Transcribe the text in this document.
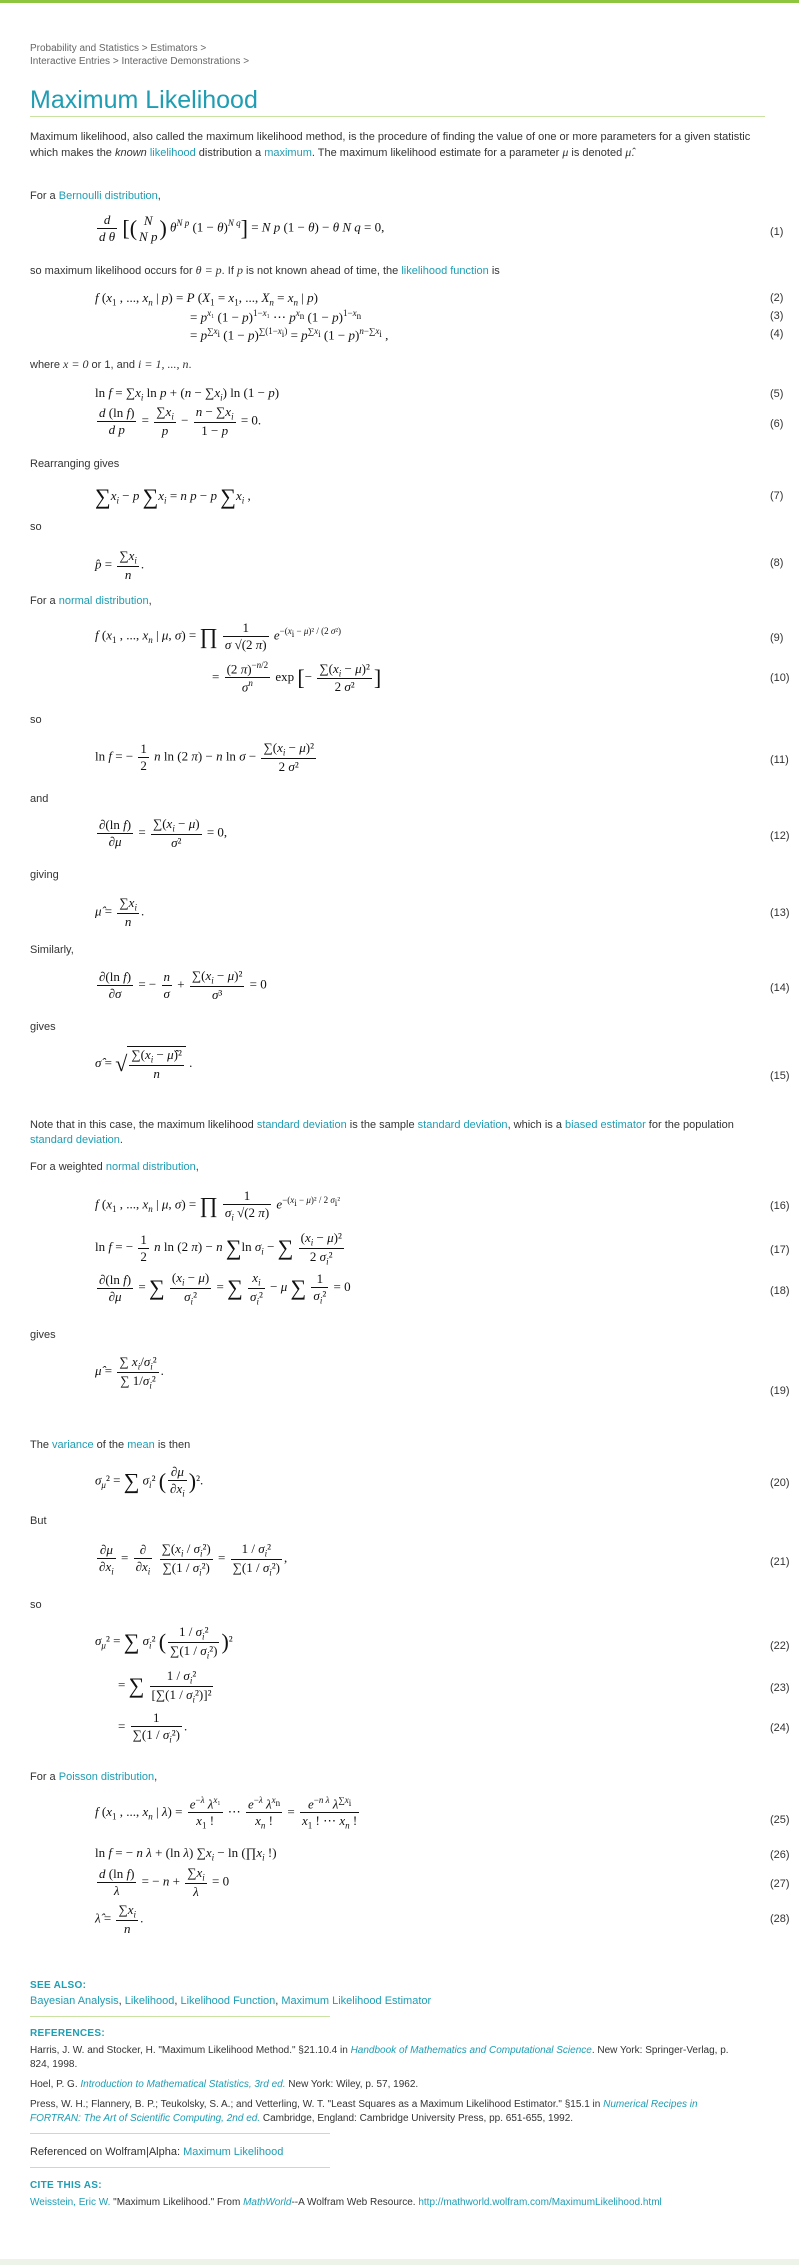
Probability and Statistics > Estimators >
Interactive Entries > Interactive Demonstrations >
Maximum Likelihood
Maximum likelihood, also called the maximum likelihood method, is the procedure of finding the value of one or more parameters for a given statistic which makes the known likelihood distribution a maximum. The maximum likelihood estimate for a parameter μ is denoted μ̂.
For a Bernoulli distribution,
$\frac{d}{\text{d θ}}$ [( N
N p ) $\theta^{N p}$ $(1 - \theta)^{N q}] = N$ p (1 − θ) − θ N q = 0,	(1)
so maximum likelihood occurs for θ = p. If p is not known ahead of time, the likelihood function is
f ($x_1$ , ..., $x_n$ | p) = P ($X_1 = x_1$, ..., $X_n = x_n$ | p)	(2)
= $p^{x_1}$ $(1 - p)^{1-x_1}$ ⋯ $p^{x_n}$ $(1 - p)^{1-x_n}$	(3)
= $p^{\sum x_i}$ $(1 - p)^{\sum(1-x_i)} = p^{\sum x_i}$ $(1 - p)^{n-\sum x_i}$ ,	(4)
where x = 0 or 1, and i = 1, ..., n.
$\ln f = \sum x_i$ $\ln p + (n - \sum x_i)$ ln (1 − p)	(5)
$\frac{\text{d (ln f)}}{\text{d p}} = \frac{\sum x_i}{p} - \frac{n - \sum x_i}{1 - p} = 0$.	(6)
Rearranging gives
$\sum x_i - p$ $\sum x_i = n$ p − p $\sum x_i$ ,	(7)
so
p̂ = $\frac{\sum x_i}{n}$ .	(8)
For a normal distribution,
f ($x_1$ , ..., $x_n$ | μ, σ) = ∏ $\frac{1}{\sigma √(2 \pi)} e^{-(x_i - \mu)^2 / (2 \sigma^2)}$
(9)
= $\frac{(2 \pi)^{-n/2}}{\sigma^n}$ exp [− $\frac{\sum(x_i - \mu)^2}{\text{2 σ²}}$ ]	(10)
so
ln f = − $\frac{1}{2}$ n ln (2 π) − n $\ln \sigma - \frac{\sum(x_i - \mu)^2}{\text{2 σ²}}$	(11)
and
$\frac{\text{∂(ln f)}}{\partial\mu} = \frac{\sum(x_i - \mu)}{\text{σ²}} = 0$,	(12)
giving
μ̂ = $\frac{\sum x_i}{n}$ .	(13)
Similarly,
$\frac{\text{∂(ln f)}}{\partial\sigma}$ = − $\frac{n}{\sigma} + \frac{\sum(x_i - \mu)^2}{\text{σ³}} = 0$	(14)
gives
σ̂ = √ $\frac{\sum(x_i - \mû)^2}{n}$ .
(15)
Note that in this case, the maximum likelihood standard deviation is the sample standard deviation, which is a biased estimator for the population standard deviation.
For a weighted normal distribution,
f ($x_1$ , ..., $x_n$ | μ, σ) = ∏ $\frac{1}{\sigma_i √(2 \pi)} e^{-(x_i - \mu)^2 / 2 \sigma_i^2}$
(16)
ln f = − $\frac{1}{2}$ n ln (2 π) − n ∑ln $\sigma_i$ − ∑ $\frac{(x_i - \mu)^2}{2 \sigma_i^2}$	(17)
$\frac{\text{∂(ln f)}}{\partial\mu}$ = ∑ $\frac{(x_i - \mu)}{\sigma_i^2}$ = ∑ $\frac{x_i}{\sigma_i^2} - \mu$ ∑ $\frac{1}{\sigma_i^2} = 0$	(18)
gives
μ̂ = $\frac{\sum x_i/\sigma_i^2}{\sum 1/\sigma_i^2}$ .
(19)
The variance of the mean is then
$\sigma_\mu^2$ = ∑ $\sigma_i^2$ ( $\frac{\partial\mu}{\partial x_i} )^2$.	(20)
But
$\frac{\partial\mu}{\partial x_i} = \frac{\partial}{\partial x_i}$
$\frac{\sum(x_i / \sigma_i^2)}{\sum(1 / \sigma_i^2)} = \frac{1 / \sigma_i^2}{\sum(1 / \sigma_i^2)}$ ,	(21)
so
$\sigma_\mu^2$ = ∑ $\sigma_i^2$ ( $\frac{1 / \sigma_i^2}{\sum(1 / \sigma_i^2)} )^2$	(22)
= ∑ $\frac{1 / \sigma_i^2}{[\sum(1 / \sigma_i^2)]^2}$	(23)
= $\frac{1}{\sum(1 / \sigma_i^2)}$ .	(24)
For a Poisson distribution,
f ($x_1$ , ..., $x_n$ | $\lambda) = \frac{e^{-\lambda} \lambda^{x_1}}{x_1 !}$ ⋯ $\frac{e^{-\lambda} \lambda^{x_n}}{x_n !} = \frac{e^{-n \lambda} \lambda^{\sum x_i}}{x_1 ! \cdots x_n !}$	(25)
ln f = − n λ + (ln λ) $\sum x_i - \ln$ ($\prod x_i$ !)	(26)
$\frac{\text{d (ln f)}}{\lambda}$ = − $n + \frac{\sum x_i}{\lambda} = 0$	(27)
λ̂ = $\frac{\sum x_i}{n}$ .	(28)
SEE ALSO:
Bayesian Analysis, Likelihood, Likelihood Function, Maximum Likelihood Estimator
REFERENCES:
Harris, J. W. and Stocker, H. "Maximum Likelihood Method." §21.10.4 in Handbook of Mathematics and Computational Science. New York: Springer-Verlag, p. 824, 1998.
Hoel, P. G. Introduction to Mathematical Statistics, 3rd ed. New York: Wiley, p. 57, 1962.
Press, W. H.; Flannery, B. P.; Teukolsky, S. A.; and Vetterling, W. T. "Least Squares as a Maximum Likelihood Estimator." §15.1 in Numerical Recipes in FORTRAN: The Art of Scientific Computing, 2nd ed. Cambridge, England: Cambridge University Press, pp. 651-655, 1992.
Referenced on Wolfram|Alpha: Maximum Likelihood
CITE THIS AS:
Weisstein, Eric W. "Maximum Likelihood." From MathWorld--A Wolfram Web Resource. http://mathworld.wolfram.com/MaximumLikelihood.html
